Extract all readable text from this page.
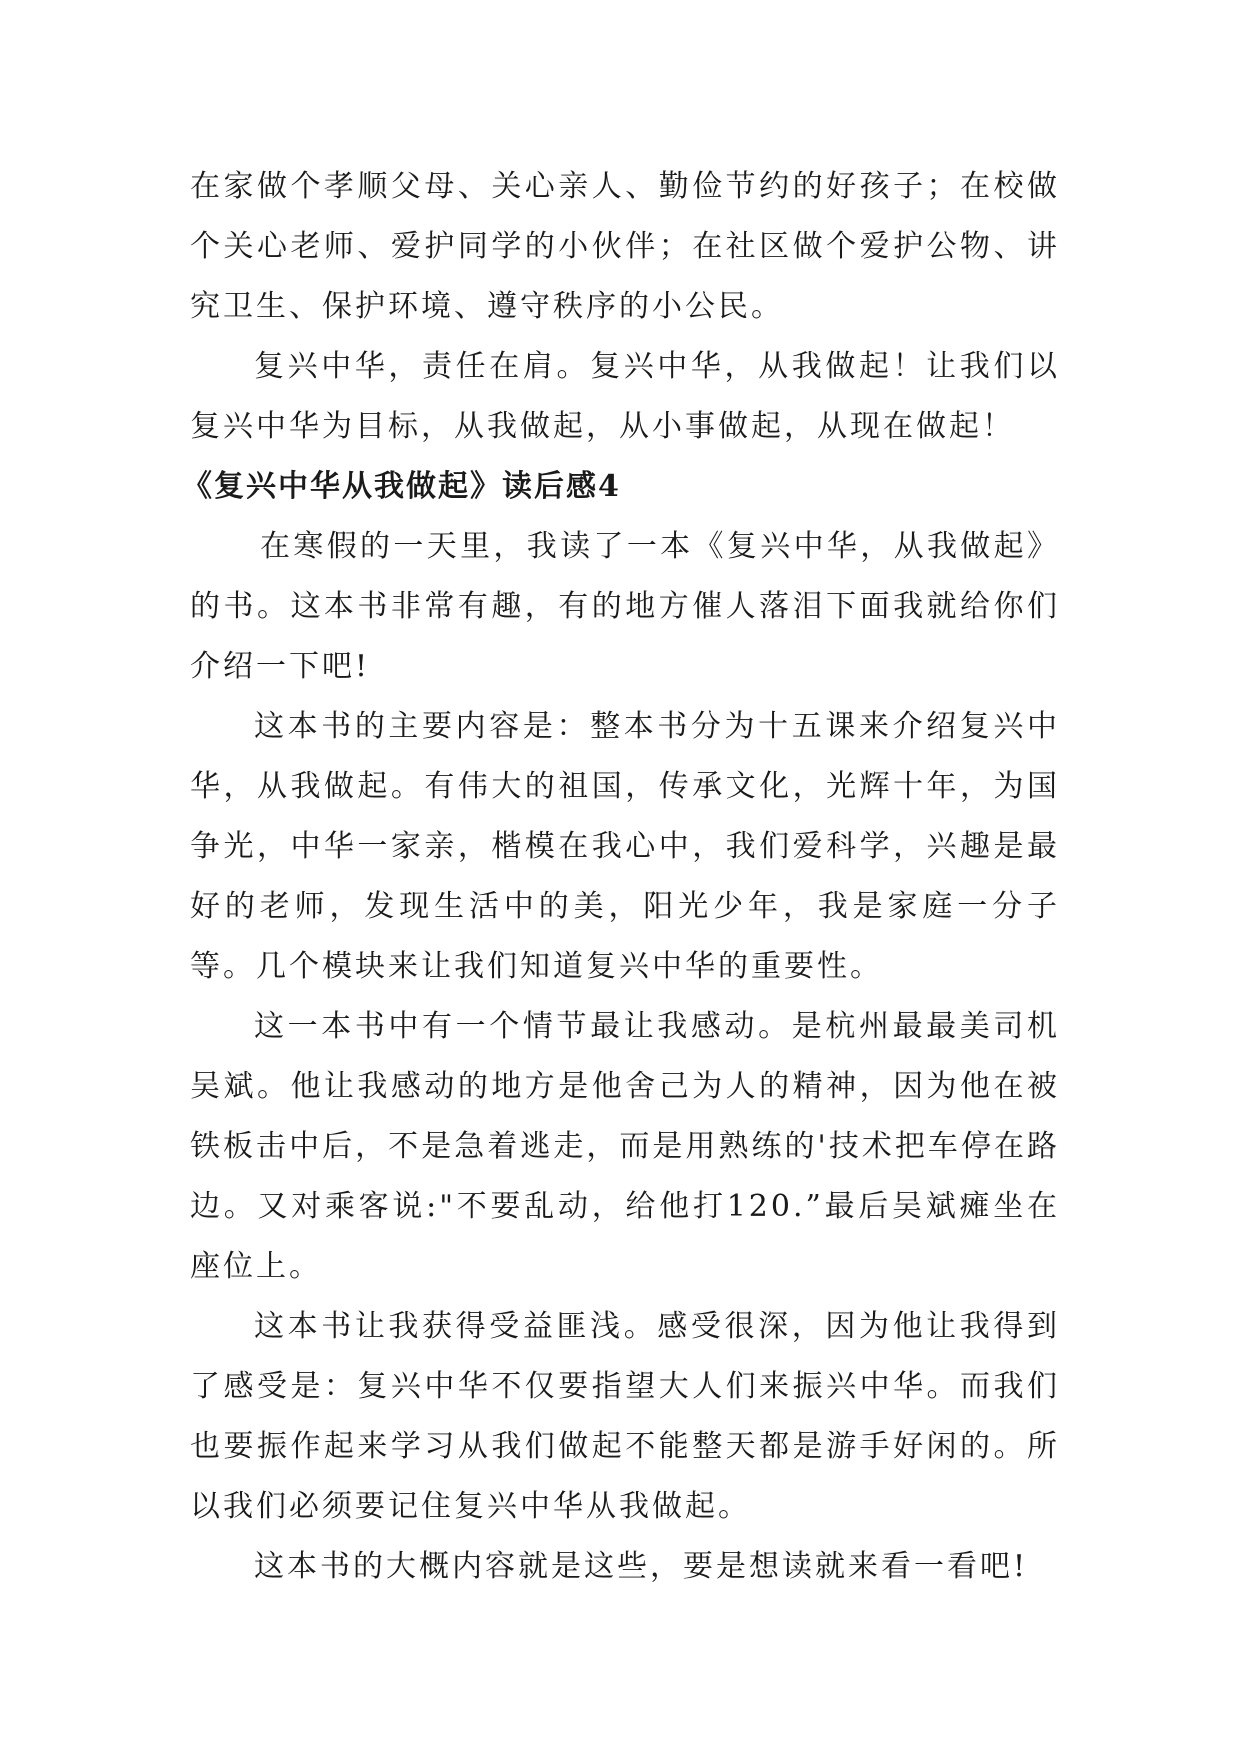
在家做个孝顺父母、关心亲人、勤俭节约的好孩子；在校做个关心老师、爱护同学的小伙伴；在社区做个爱护公物、讲究卫生、保护环境、遵守秩序的小公民。

复兴中华，责任在肩。复兴中华，从我做起！让我们以复兴中华为目标，从我做起，从小事做起，从现在做起！

《复兴中华从我做起》读后感4

在寒假的一天里，我读了一本《复兴中华，从我做起》的书。这本书非常有趣，有的地方催人落泪下面我就给你们介绍一下吧!

这本书的主要内容是：整本书分为十五课来介绍复兴中华，从我做起。有伟大的祖国，传承文化，光辉十年，为国争光，中华一家亲，楷模在我心中，我们爱科学，兴趣是最好的老师，发现生活中的美，阳光少年，我是家庭一分子等。几个模块来让我们知道复兴中华的重要性。

这一本书中有一个情节最让我感动。是杭州最最美司机吴斌。他让我感动的地方是他舍己为人的精神，因为他在被铁板击中后，不是急着逃走，而是用熟练的'技术把车停在路边。又对乘客说:"不要乱动，给他打120.”最后吴斌瘫坐在座位上。

这本书让我获得受益匪浅。感受很深，因为他让我得到了感受是：复兴中华不仅要指望大人们来振兴中华。而我们也要振作起来学习从我们做起不能整天都是游手好闲的。所以我们必须要记住复兴中华从我做起。

这本书的大概内容就是这些，要是想读就来看一看吧!
